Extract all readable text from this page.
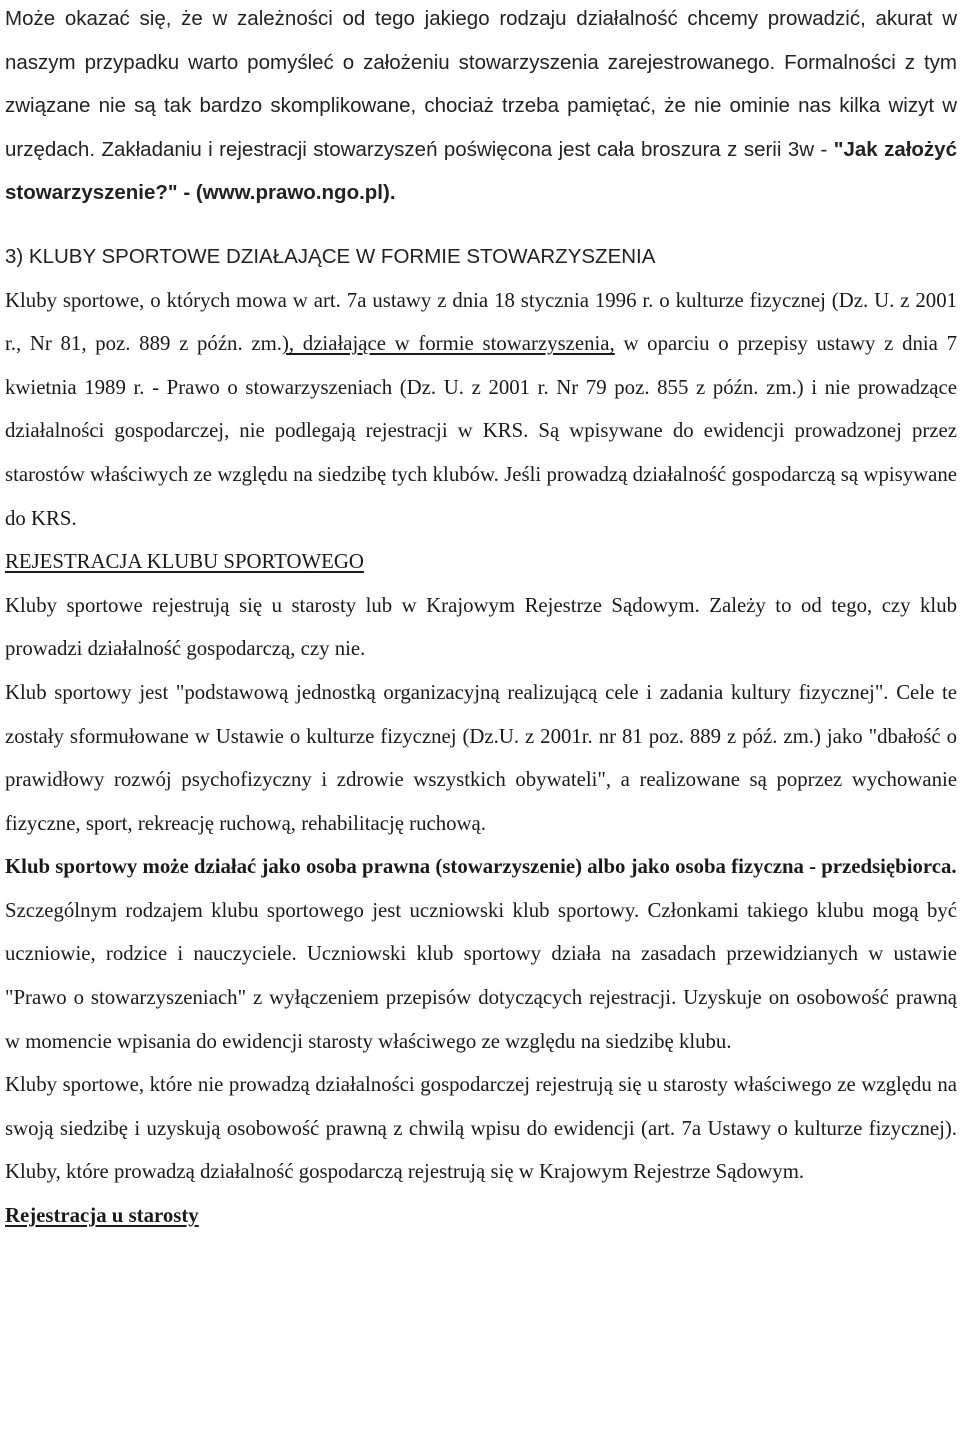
Może okazać się, że w zależności od tego jakiego rodzaju działalność chcemy prowadzić, akurat w naszym przypadku warto pomyśleć o założeniu stowarzyszenia zarejestrowanego. Formalności z tym związane nie są tak bardzo skomplikowane, chociaż trzeba pamiętać, że nie ominie nas kilka wizyt w urzędach. Zakładaniu i rejestracji stowarzyszeń poświęcona jest cała broszura z serii 3w - "Jak założyć stowarzyszenie?" - (www.prawo.ngo.pl).

3) KLUBY SPORTOWE DZIAŁAJĄCE W FORMIE STOWARZYSZENIA

Kluby sportowe, o których mowa w art. 7a ustawy z dnia 18 stycznia 1996 r. o kulturze fizycznej (Dz. U. z 2001 r., Nr 81, poz. 889 z późn. zm.), działające w formie stowarzyszenia, w oparciu o przepisy ustawy z dnia 7 kwietnia 1989 r. - Prawo o stowarzyszeniach (Dz. U. z 2001 r. Nr 79 poz. 855 z późn. zm.) i nie prowadzące działalności gospodarczej, nie podlegają rejestracji w KRS. Są wpisywane do ewidencji prowadzonej przez starostów właściwych ze względu na siedzibę tych klubów. Jeśli prowadzą działalność gospodarczą są wpisywane do KRS.

REJESTRACJA KLUBU SPORTOWEGO

Kluby sportowe rejestrują się u starosty lub w Krajowym Rejestrze Sądowym. Zależy to od tego, czy klub prowadzi działalność gospodarczą, czy nie.

Klub sportowy jest "podstawową jednostką organizacyjną realizującą cele i zadania kultury fizycznej". Cele te zostały sformułowane w Ustawie o kulturze fizycznej (Dz.U. z 2001r. nr 81 poz. 889 z póź. zm.) jako "dbałość o prawidłowy rozwój psychofizyczny i zdrowie wszystkich obywateli", a realizowane są poprzez wychowanie fizyczne, sport, rekreację ruchową, rehabilitację ruchową.

Klub sportowy może działać jako osoba prawna (stowarzyszenie) albo jako osoba fizyczna - przedsiębiorca.

Szczególnym rodzajem klubu sportowego jest uczniowski klub sportowy. Członkami takiego klubu mogą być uczniowie, rodzice i nauczyciele. Uczniowski klub sportowy działa na zasadach przewidzianych w ustawie "Prawo o stowarzyszeniach" z wyłączeniem przepisów dotyczących rejestracji. Uzyskuje on osobowość prawną w momencie wpisania do ewidencji starosty właściwego ze względu na siedzibę klubu.

Kluby sportowe, które nie prowadzą działalności gospodarczej rejestrują się u starosty właściwego ze względu na swoją siedzibę i uzyskują osobowość prawną z chwilą wpisu do ewidencji (art. 7a Ustawy o kulturze fizycznej). Kluby, które prowadzą działalność gospodarczą rejestrują się w Krajowym Rejestrze Sądowym.

Rejestracja u starosty
